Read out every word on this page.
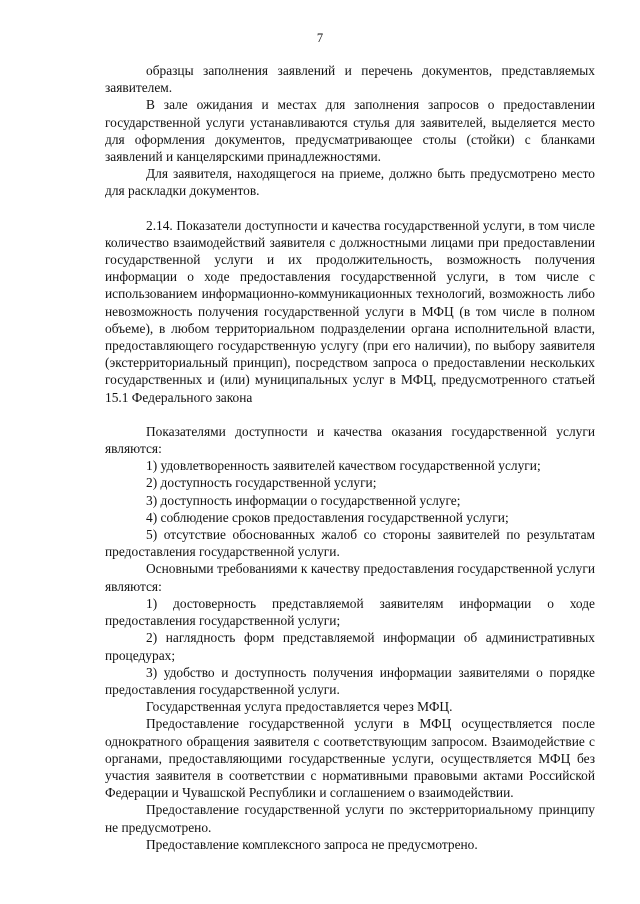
7

образцы заполнения заявлений и перечень документов, представляемых заявителем.

В зале ожидания и местах для заполнения запросов о предоставлении государственной услуги устанавливаются стулья для заявителей, выделяется место для оформления документов, предусматривающее столы (стойки) с бланками заявлений и канцелярскими принадлежностями.

Для заявителя, находящегося на приеме, должно быть предусмотрено место для раскладки документов.

2.14. Показатели доступности и качества государственной услуги, в том числе количество взаимодействий заявителя с должностными лицами при предоставлении государственной услуги и их продолжительность, возможность получения информации о ходе предоставления государственной услуги, в том числе с использованием информационно-коммуникационных технологий, возможность либо невозможность получения государственной услуги в МФЦ (в том числе в полном объеме), в любом территориальном подразделении органа исполнительной власти, предоставляющего государственную услугу (при его наличии), по выбору заявителя (экстерриториальный принцип), посредством запроса о предоставлении нескольких государственных и (или) муниципальных услуг в МФЦ, предусмотренного статьей 15.1 Федерального закона

Показателями доступности и качества оказания государственной услуги являются:

1) удовлетворенность заявителей качеством государственной услуги;

2) доступность государственной услуги;

3) доступность информации о государственной услуге;

4) соблюдение сроков предоставления государственной услуги;

5) отсутствие обоснованных жалоб со стороны заявителей по результатам предоставления государственной услуги.

Основными требованиями к качеству предоставления государственной услуги являются:

1) достоверность представляемой заявителям информации о ходе предоставления государственной услуги;

2) наглядность форм представляемой информации об административных процедурах;

3) удобство и доступность получения информации заявителями о порядке предоставления государственной услуги.

Государственная услуга предоставляется через МФЦ.

Предоставление государственной услуги в МФЦ осуществляется после однократного обращения заявителя с соответствующим запросом. Взаимодействие с органами, предоставляющими государственные услуги, осуществляется МФЦ без участия заявителя в соответствии с нормативными правовыми актами Российской Федерации и Чувашской Республики и соглашением о взаимодействии.

Предоставление государственной услуги по экстерриториальному принципу не предусмотрено.

Предоставление комплексного запроса не предусмотрено.
